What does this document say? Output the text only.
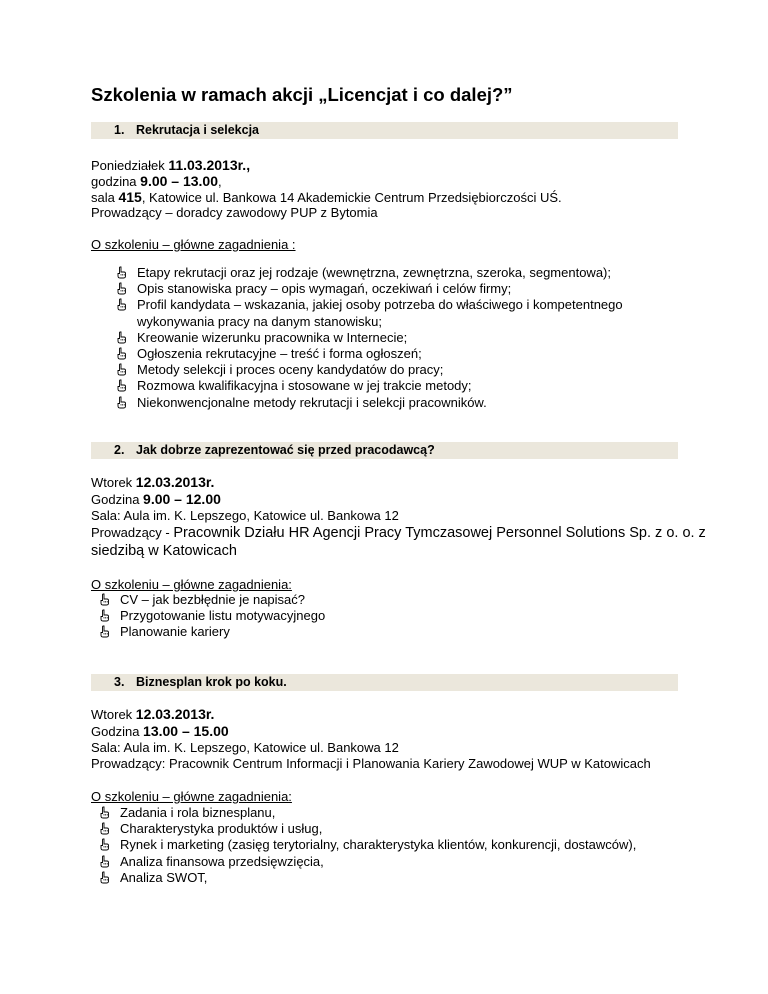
Szkolenia w ramach akcji „Licencjat i co dalej?”
1. Rekrutacja i selekcja
Poniedziałek 11.03.2013r.,
godzina 9.00 – 13.00,
sala 415, Katowice ul. Bankowa 14 Akademickie Centrum Przedsiębiorczości UŚ.
Prowadzący – doradcy zawodowy PUP z Bytomia
O szkoleniu – główne zagadnienia :
Etapy rekrutacji oraz jej rodzaje (wewnętrzna, zewnętrzna, szeroka, segmentowa);
Opis stanowiska pracy – opis wymagań, oczekiwań i celów firmy;
Profil kandydata – wskazania, jakiej osoby potrzeba do właściwego i kompetentnego wykonywania pracy na danym stanowisku;
Kreowanie wizerunku pracownika w Internecie;
Ogłoszenia rekrutacyjne – treść i forma ogłoszeń;
Metody selekcji i proces oceny kandydatów do pracy;
Rozmowa kwalifikacyjna i stosowane w jej trakcie metody;
Niekonwencjonalne metody rekrutacji i selekcji pracowników.
2. Jak dobrze zaprezentować się przed pracodawcą?
Wtorek 12.03.2013r.
Godzina 9.00 – 12.00
Sala: Aula im. K. Lepszego, Katowice ul. Bankowa 12
Prowadzący - Pracownik Działu HR Agencji Pracy Tymczasowej Personnel Solutions Sp. z o. o. z
siedzibą w Katowicach
O szkoleniu – główne zagadnienia:
CV – jak bezbłędnie je napisać?
Przygotowanie listu motywacyjnego
Planowanie kariery
3. Biznesplan krok po koku.
Wtorek 12.03.2013r.
Godzina 13.00 – 15.00
Sala: Aula im. K. Lepszego, Katowice ul. Bankowa 12
Prowadzący: Pracownik Centrum Informacji i Planowania Kariery Zawodowej WUP w Katowicach
O szkoleniu – główne zagadnienia:
Zadania i rola biznesplanu,
Charakterystyka produktów i usług,
Rynek i marketing (zasięg terytorialny, charakterystyka klientów, konkurencji, dostawców),
Analiza finansowa przedsięwzięcia,
Analiza SWOT,
